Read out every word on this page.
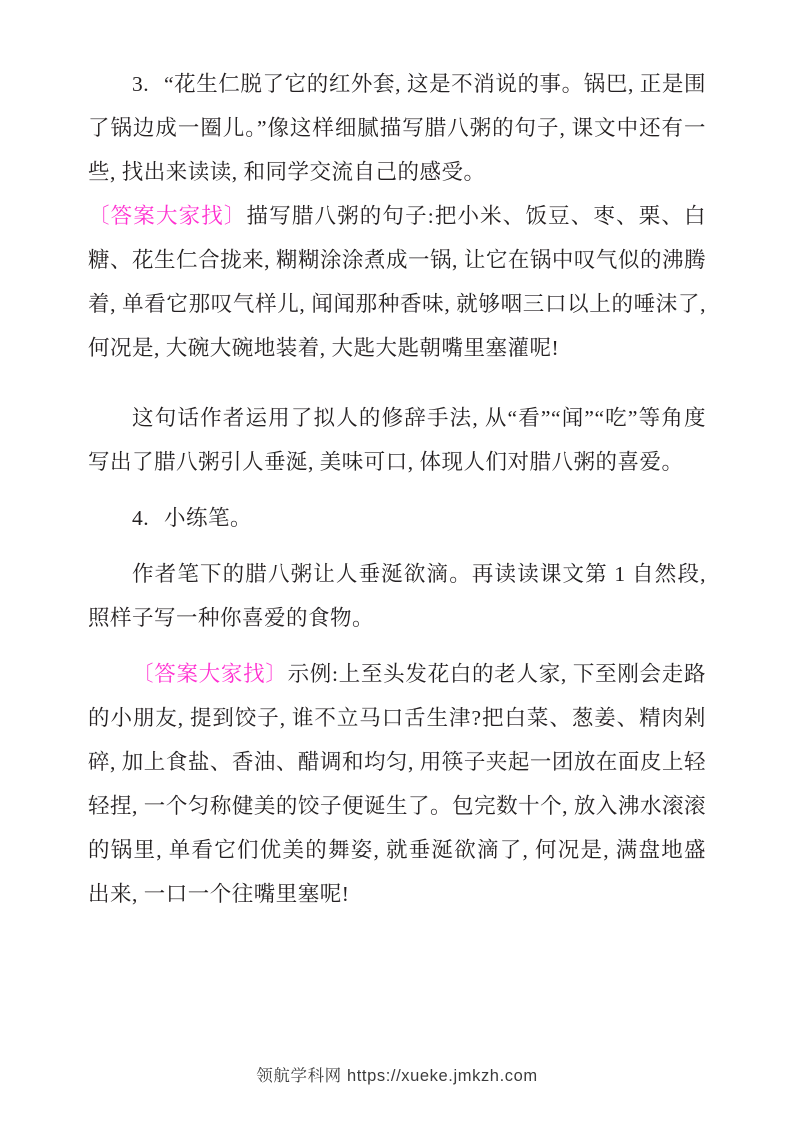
3. “花生仁脱了它的红外套, 这是不消说的事。锅巴, 正是围了锅边成一圈儿。”像这样细腻描写腊八粥的句子, 课文中还有一些, 找出来读读, 和同学交流自己的感受。

〔答案大家找〕描写腊八粥的句子:把小米、饭豆、枣、栗、白糖、花生仁合拢来, 糊糊涂涂煮成一锅, 让它在锅中叹气似的沸腾着, 单看它那叹气样儿, 闻闻那种香味, 就够咽三口以上的唾沫了, 何况是, 大碗大碗地装着, 大匙大匙朝嘴里塞灌呢!

这句话作者运用了拟人的修辞手法, 从“看”“闻”“吃”等角度写出了腊八粥引人垂涎, 美味可口, 体现人们对腊八粥的喜爱。

4. 小练笔。

作者笔下的腊八粥让人垂涎欲滴。再读读课文第 1 自然段, 照样子写一种你喜爱的食物。

〔答案大家找〕示例:上至头发花白的老人家, 下至刚会走路的小朋友, 提到饺子, 谁不立马口舌生津?把白菜、葱姜、精肉剁碎, 加上食盐、香油、醋调和均匀, 用筷子夹起一团放在面皮上轻轻捏, 一个匀称健美的饺子便诞生了。包完数十个, 放入沸水滚滚的锅里, 单看它们优美的舞姿, 就垂涎欲滴了, 何况是, 满盘地盛出来, 一口一个往嘴里塞呢!

领航学科网 https://xueke.jmkzh.com
